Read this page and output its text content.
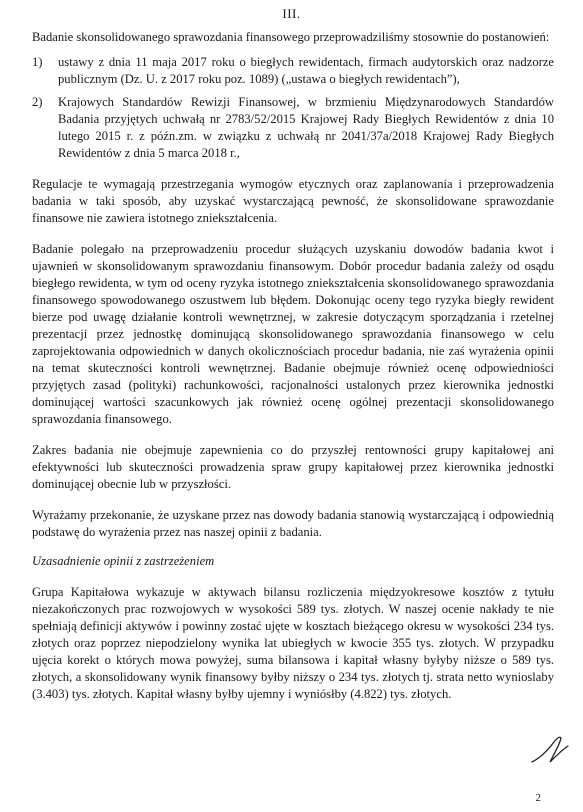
III.

Badanie skonsolidowanego sprawozdania finansowego przeprowadziliśmy stosownie do postanowień:

1)	ustawy z dnia 11 maja 2017 roku o biegłych rewidentach, firmach audytorskich oraz nadzorze publicznym (Dz. U. z 2017 roku poz. 1089) („ustawa o biegłych rewidentach”),
2)	Krajowych Standardów Rewizji Finansowej, w brzmieniu Międzynarodowych Standardów Badania przyjętych uchwałą nr 2783/52/2015 Krajowej Rady Biegłych Rewidentów z dnia 10 lutego 2015 r. z późn.zm. w związku z uchwałą nr 2041/37a/2018 Krajowej Rady Biegłych Rewidentów z dnia 5 marca 2018 r.,

Regulacje te wymagają przestrzegania wymogów etycznych oraz zaplanowania i przeprowadzenia badania w taki sposób, aby uzyskać wystarczającą pewność, że skonsolidowane sprawozdanie finansowe nie zawiera istotnego zniekształcenia.

Badanie polegało na przeprowadzeniu procedur służących uzyskaniu dowodów badania kwot i ujawnień w skonsolidowanym sprawozdaniu finansowym. Dobór procedur badania zależy od osądu biegłego rewidenta, w tym od oceny ryzyka istotnego zniekształcenia skonsolidowanego sprawozdania finansowego spowodowanego oszustwem lub błędem. Dokonując oceny tego ryzyka biegły rewident bierze pod uwagę działanie kontroli wewnętrznej, w zakresie dotyczącym sporządzania i rzetelnej prezentacji przez jednostkę dominującą skonsolidowanego sprawozdania finansowego w celu zaprojektowania odpowiednich w danych okolicznościach procedur badania, nie zaś wyrażenia opinii na temat skuteczności kontroli wewnętrznej. Badanie obejmuje również ocenę odpowiedniości przyjętych zasad (polityki) rachunkowości, racjonalności ustalonych przez kierownika jednostki dominującej wartości szacunkowych jak również ocenę ogólnej prezentacji skonsolidowanego sprawozdania finansowego.

Zakres badania nie obejmuje zapewnienia co do przyszłej rentowności grupy kapitałowej ani efektywności lub skuteczności prowadzenia spraw grupy kapitałowej przez kierownika jednostki dominującej obecnie lub w przyszłości.

Wyrażamy przekonanie, że uzyskane przez nas dowody badania stanowią wystarczającą i odpowiednią podstawę do wyrażenia przez nas naszej opinii z badania.

Uzasadnienie opinii z zastrzeżeniem

Grupa Kapitałowa wykazuje w aktywach bilansu rozliczenia międzyokresowe kosztów z tytułu niezakończonych prac rozwojowych w wysokości 589 tys. złotych. W naszej ocenie nakłady te nie spełniają definicji aktywów i powinny zostać ujęte w kosztach bieżącego okresu w wysokości 234 tys. złotych oraz poprzez niepodzielony wynika lat ubiegłych w kwocie 355 tys. złotych. W przypadku ujęcia korekt o których mowa powyżej, suma bilansowa i kapitał własny byłyby niższe o 589 tys. złotych, a skonsolidowany wynik finansowy byłby niższy o 234 tys. złotych tj. strata netto wynioslaby (3.403) tys. złotych. Kapitał własny byłby ujemny i wyniósłby (4.822) tys. złotych.

2
